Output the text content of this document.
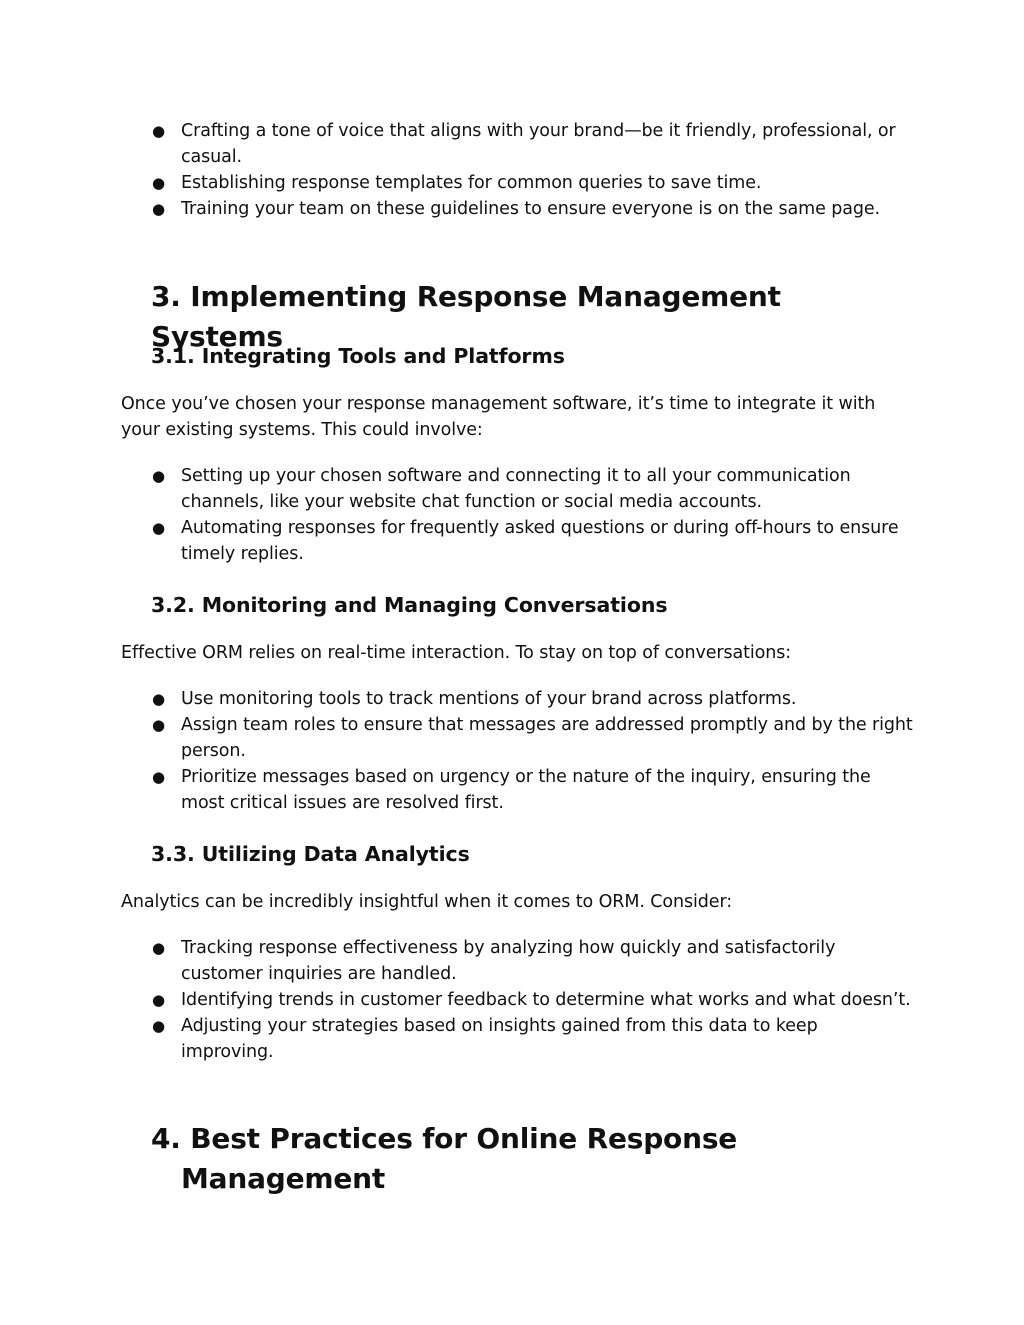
● Crafting a tone of voice that aligns with your brand—be it friendly, professional, or casual.
● Establishing response templates for common queries to save time.
● Training your team on these guidelines to ensure everyone is on the same page.
3. Implementing Response Management Systems
3.1. Integrating Tools and Platforms

Once you’ve chosen your response management software, it’s time to integrate it with your existing systems. This could involve:

● Setting up your chosen software and connecting it to all your communication channels, like your website chat function or social media accounts.
● Automating responses for frequently asked questions or during off-hours to ensure timely replies.
3.2. Monitoring and Managing Conversations

Effective ORM relies on real-time interaction. To stay on top of conversations:

● Use monitoring tools to track mentions of your brand across platforms.
● Assign team roles to ensure that messages are addressed promptly and by the right person.
● Prioritize messages based on urgency or the nature of the inquiry, ensuring the most critical issues are resolved first.
3.3. Utilizing Data Analytics

Analytics can be incredibly insightful when it comes to ORM. Consider:

● Tracking response effectiveness by analyzing how quickly and satisfactorily customer inquiries are handled.
● Identifying trends in customer feedback to determine what works and what doesn’t.
● Adjusting your strategies based on insights gained from this data to keep improving.
4. Best Practices for Online Response Management
